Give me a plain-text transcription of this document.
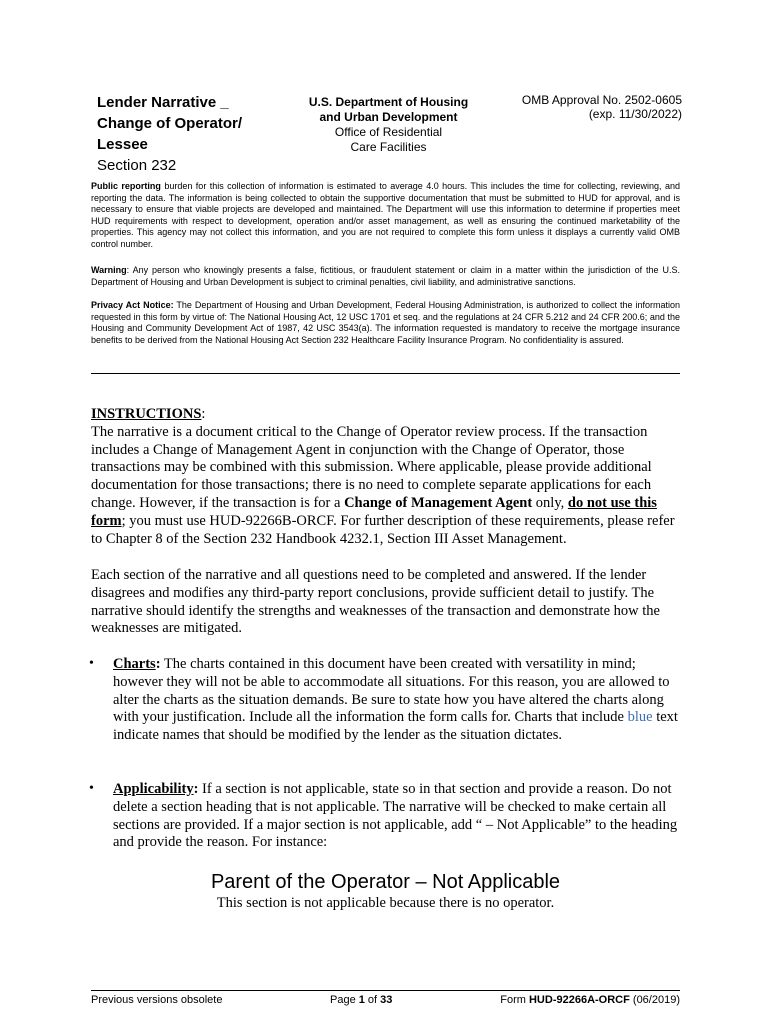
Lender Narrative _
Change of Operator/
Lessee
Section 232
U.S. Department of Housing
and Urban Development
Office of Residential
Care Facilities
OMB Approval No. 2502-0605
(exp. 11/30/2022)
Public reporting burden for this collection of information is estimated to average 4.0 hours. This includes the time for collecting, reviewing, and reporting the data. The information is being collected to obtain the supportive documentation that must be submitted to HUD for approval, and is necessary to ensure that viable projects are developed and maintained. The Department will use this information to determine if properties meet HUD requirements with respect to development, operation and/or asset management, as well as ensuring the continued marketability of the properties. This agency may not collect this information, and you are not required to complete this form unless it displays a currently valid OMB control number.
Warning: Any person who knowingly presents a false, fictitious, or fraudulent statement or claim in a matter within the jurisdiction of the U.S. Department of Housing and Urban Development is subject to criminal penalties, civil liability, and administrative sanctions.
Privacy Act Notice: The Department of Housing and Urban Development, Federal Housing Administration, is authorized to collect the information requested in this form by virtue of: The National Housing Act, 12 USC 1701 et seq. and the regulations at 24 CFR 5.212 and 24 CFR 200.6; and the Housing and Community Development Act of 1987, 42 USC 3543(a). The information requested is mandatory to receive the mortgage insurance benefits to be derived from the National Housing Act Section 232 Healthcare Facility Insurance Program. No confidentiality is assured.
INSTRUCTIONS:
The narrative is a document critical to the Change of Operator review process. If the transaction includes a Change of Management Agent in conjunction with the Change of Operator, those transactions may be combined with this submission. Where applicable, please provide additional documentation for those transactions; there is no need to complete separate applications for each change. However, if the transaction is for a Change of Management Agent only, do not use this form; you must use HUD-92266B-ORCF. For further description of these requirements, please refer to Chapter 8 of the Section 232 Handbook 4232.1, Section III Asset Management.
Each section of the narrative and all questions need to be completed and answered. If the lender disagrees and modifies any third-party report conclusions, provide sufficient detail to justify. The narrative should identify the strengths and weaknesses of the transaction and demonstrate how the weaknesses are mitigated.
• Charts: The charts contained in this document have been created with versatility in mind; however they will not be able to accommodate all situations. For this reason, you are allowed to alter the charts as the situation demands. Be sure to state how you have altered the charts along with your justification. Include all the information the form calls for. Charts that include blue text indicate names that should be modified by the lender as the situation dictates.
• Applicability: If a section is not applicable, state so in that section and provide a reason. Do not delete a section heading that is not applicable. The narrative will be checked to make certain all sections are provided. If a major section is not applicable, add “ – Not Applicable” to the heading and provide the reason. For instance:
Parent of the Operator – Not Applicable
This section is not applicable because there is no operator.
Previous versions obsolete	Page 1 of 33	Form HUD-92266A-ORCF (06/2019)
